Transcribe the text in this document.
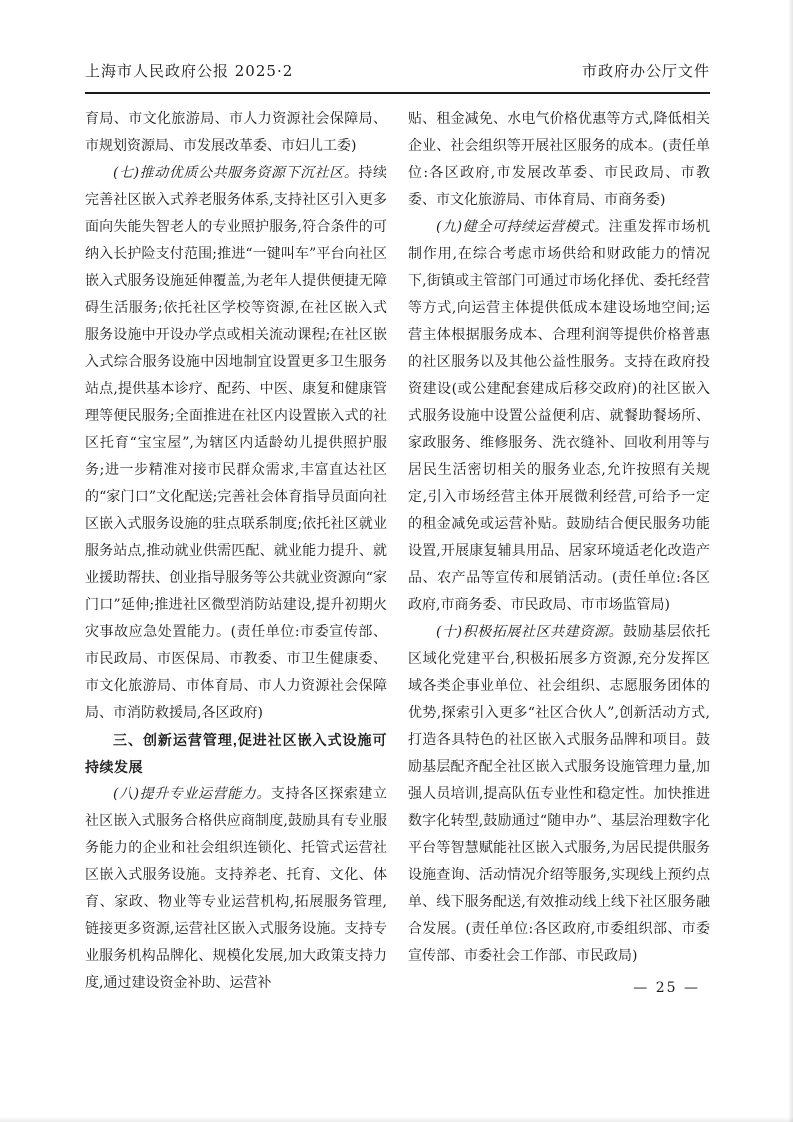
上海市人民政府公报 2025·2	市政府办公厅文件

育局、市文化旅游局、市人力资源社会保障局、市规划资源局、市发展改革委、市妇儿工委)

(七)推动优质公共服务资源下沉社区。持续完善社区嵌入式养老服务体系,支持社区引入更多面向失能失智老人的专业照护服务,符合条件的可纳入长护险支付范围;推进“一键叫车”平台向社区嵌入式服务设施延伸覆盖,为老年人提供便捷无障碍生活服务;依托社区学校等资源,在社区嵌入式服务设施中开设办学点或相关流动课程;在社区嵌入式综合服务设施中因地制宜设置更多卫生服务站点,提供基本诊疗、配药、中医、康复和健康管理等便民服务;全面推进在社区内设置嵌入式的社区托育“宝宝屋”,为辖区内适龄幼儿提供照护服务;进一步精准对接市民群众需求,丰富直达社区的“家门口”文化配送;完善社会体育指导员面向社区嵌入式服务设施的驻点联系制度;依托社区就业服务站点,推动就业供需匹配、就业能力提升、就业援助帮扶、创业指导服务等公共就业资源向“家门口”延伸;推进社区微型消防站建设,提升初期火灾事故应急处置能力。(责任单位:市委宣传部、市民政局、市医保局、市教委、市卫生健康委、市文化旅游局、市体育局、市人力资源社会保障局、市消防救援局,各区政府)

三、创新运营管理,促进社区嵌入式设施可持续发展

(八)提升专业运营能力。支持各区探索建立社区嵌入式服务合格供应商制度,鼓励具有专业服务能力的企业和社会组织连锁化、托管式运营社区嵌入式服务设施。支持养老、托育、文化、体育、家政、物业等专业运营机构,拓展服务管理,链接更多资源,运营社区嵌入式服务设施。支持专业服务机构品牌化、规模化发展,加大政策支持力度,通过建设资金补助、运营补

贴、租金减免、水电气价格优惠等方式,降低相关企业、社会组织等开展社区服务的成本。(责任单位:各区政府,市发展改革委、市民政局、市教委、市文化旅游局、市体育局、市商务委)

(九)健全可持续运营模式。注重发挥市场机制作用,在综合考虑市场供给和财政能力的情况下,街镇或主管部门可通过市场化择优、委托经营等方式,向运营主体提供低成本建设场地空间;运营主体根据服务成本、合理利润等提供价格普惠的社区服务以及其他公益性服务。支持在政府投资建设(或公建配套建成后移交政府)的社区嵌入式服务设施中设置公益便利店、就餐助餐场所、家政服务、维修服务、洗衣缝补、回收利用等与居民生活密切相关的服务业态,允许按照有关规定,引入市场经营主体开展微利经营,可给予一定的租金减免或运营补贴。鼓励结合便民服务功能设置,开展康复辅具用品、居家环境适老化改造产品、农产品等宣传和展销活动。(责任单位:各区政府,市商务委、市民政局、市市场监管局)

(十)积极拓展社区共建资源。鼓励基层依托区域化党建平台,积极拓展多方资源,充分发挥区域各类企事业单位、社会组织、志愿服务团体的优势,探索引入更多“社区合伙人”,创新活动方式,打造各具特色的社区嵌入式服务品牌和项目。鼓励基层配齐配全社区嵌入式服务设施管理力量,加强人员培训,提高队伍专业性和稳定性。加快推进数字化转型,鼓励通过“随申办”、基层治理数字化平台等智慧赋能社区嵌入式服务,为居民提供服务设施查询、活动情况介绍等服务,实现线上预约点单、线下服务配送,有效推动线上线下社区服务融合发展。(责任单位:各区政府,市委组织部、市委宣传部、市委社会工作部、市民政局)

— 25 —
